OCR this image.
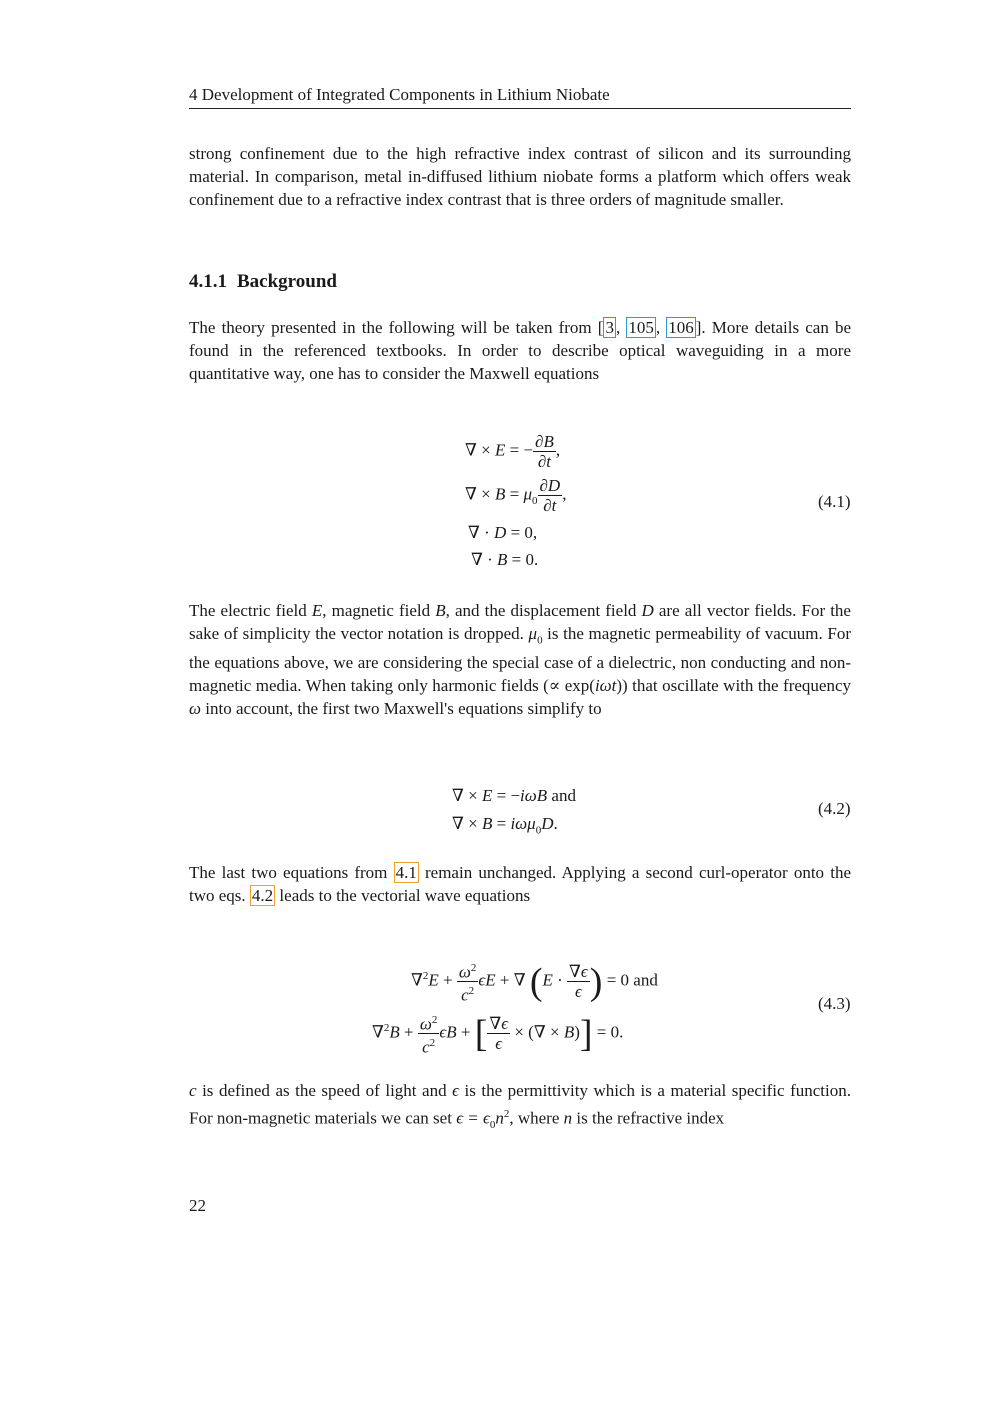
4 Development of Integrated Components in Lithium Niobate

strong confinement due to the high refractive index contrast of silicon and its surrounding material. In comparison, metal in-diffused lithium niobate forms a platform which offers weak confinement due to a refractive index contrast that is three orders of magnitude smaller.

4.1.1 Background

The theory presented in the following will be taken from [ 3 , 105 , 106 ]. More details can be found in the referenced textbooks. In order to describe optical waveguiding in a more quantitative way, one has to consider the Maxwell equations

∇ × E = − $\frac{\partial B}{\partial t}$ ,
∇ × $B = \mu_0 \frac{\partial D}{\partial t}$ ,
∇ · D = 0,
∇ · B = 0.
(4.1)

The electric field E, magnetic field B, and the displacement field D are all vector fields. For the sake of simplicity the vector notation is dropped. $\mu_0$ is the magnetic permeability of vacuum. For the equations above, we are considering the special case of a dielectric, non conducting and non-magnetic media. When taking only harmonic fields (∝ exp(iωt)) that oscillate with the frequency ω into account, the first two Maxwell's equations simplify to

∇ × E = −iωB and
∇ × B = iωμ$_0$D.
(4.2)

The last two equations from 4.1 remain unchanged. Applying a second curl-operator onto the two eqs. 4.2 leads to the vectorial wave equations

$\nabla^2E + \frac{\omega^2}{c^2}$ ϵE + ∇ ($E \cdot \frac{\nabla\epsilon}{\epsilon}$ ) = 0 and
$\nabla^2B + \frac{\omega^2}{c^2}$ ϵB + [ $\frac{\nabla\epsilon}{\epsilon}$ × (∇ × B)] = 0.
(4.3)

c is defined as the speed of light and ϵ is the permittivity which is a material specific function. For non-magnetic materials we can set $\epsilon = \epsilon_0n^2$, where n is the refractive index

22
